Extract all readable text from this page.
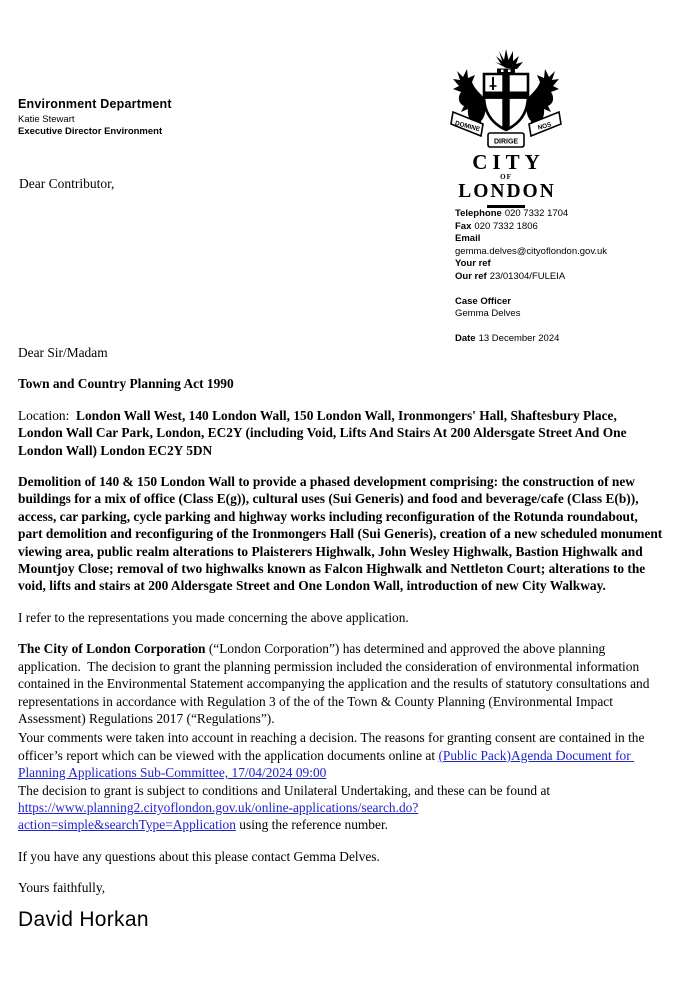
Environment Department
Katie Stewart
Executive Director Environment
Dear Contributor,
DOMINE	NOS
DIRIGE
CITY
OF
LONDON
Telephone 020 7332 1704
Fax 020 7332 1806
Email
gemma.delves@cityoflondon.gov.uk
Your ref
Our ref 23/01304/FULEIA
Case Officer
Gemma Delves
Date 13 December 2024

Dear Sir/Madam

Town and Country Planning Act 1990

Location:  London Wall West, 140 London Wall, 150 London Wall, Ironmongers' Hall, Shaftesbury Place, London Wall Car Park, London, EC2Y (including Void, Lifts And Stairs At 200 Aldersgate Street And One London Wall) London EC2Y 5DN

Demolition of 140 & 150 London Wall to provide a phased development comprising: the construction of new buildings for a mix of office (Class E(g)), cultural uses (Sui Generis) and food and beverage/cafe (Class E(b)), access, car parking, cycle parking and highway works including reconfiguration of the Rotunda roundabout, part demolition and reconfiguring of the Ironmongers Hall (Sui Generis), creation of a new scheduled monument viewing area, public realm alterations to Plaisterers Highwalk, John Wesley Highwalk, Bastion Highwalk and Mountjoy Close; removal of two highwalks known as Falcon Highwalk and Nettleton Court; alterations to the void, lifts and stairs at 200 Aldersgate Street and One London Wall, introduction of new City Walkway.

I refer to the representations you made concerning the above application.

The City of London Corporation (“London Corporation”) has determined and approved the above planning application.  The decision to grant the planning permission included the consideration of environmental information contained in the Environmental Statement accompanying the application and the results of statutory consultations and representations in accordance with Regulation 3 of the of the Town & County Planning (Environmental Impact Assessment) Regulations 2017 (“Regulations”).

Your comments were taken into account in reaching a decision. The reasons for granting consent are contained in the officer’s report which can be viewed with the application documents online at (Public Pack)Agenda Document for Planning Applications Sub-Committee, 17/04/2024 09:00
The decision to grant is subject to conditions and Unilateral Undertaking, and these can be found at https://www.planning2.cityoflondon.gov.uk/online-applications/search.do?
action=simple&searchType=Application using the reference number.

If you have any questions about this please contact Gemma Delves.

Yours faithfully,

David Horkan
